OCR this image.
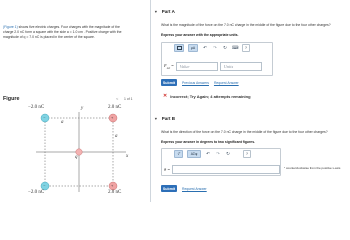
(Figure 1) shows five electric charges. Four charges with the magnitude of the charge 2.0 nC form a square with the side a = 1.0 cm . Positive charge with the magnitude of q = 7.0 nC is placed in the center of the square.
Figure	< 1 of 1
−2.0 nC	2.0 nC
−2.0 nC	2.0 nC
y
x
a
a
q
−	+
−	+
▼ Part A
What is the magnitude of the force on the 7.0 nC charge in the middle of the figure due to the four other charges?
Express your answer with the appropriate units.
μA	↶ ↷ ↻ ⌨	?
$F_{net}$ =	Value	Units
Submit	Previous Answers Request Answer
✕ Incorrect; Try Again; 4 attempts remaining
▼ Part B
What is the direction of the force on the 7.0 nC charge in the middle of the figure due to the four other charges?
Express your answer in degrees to two significant figures.
√̅	AΣφ	↶ ↷ ↻	?
θ =	° counterclockwise from the positive x-axis
Submit	Request Answer
